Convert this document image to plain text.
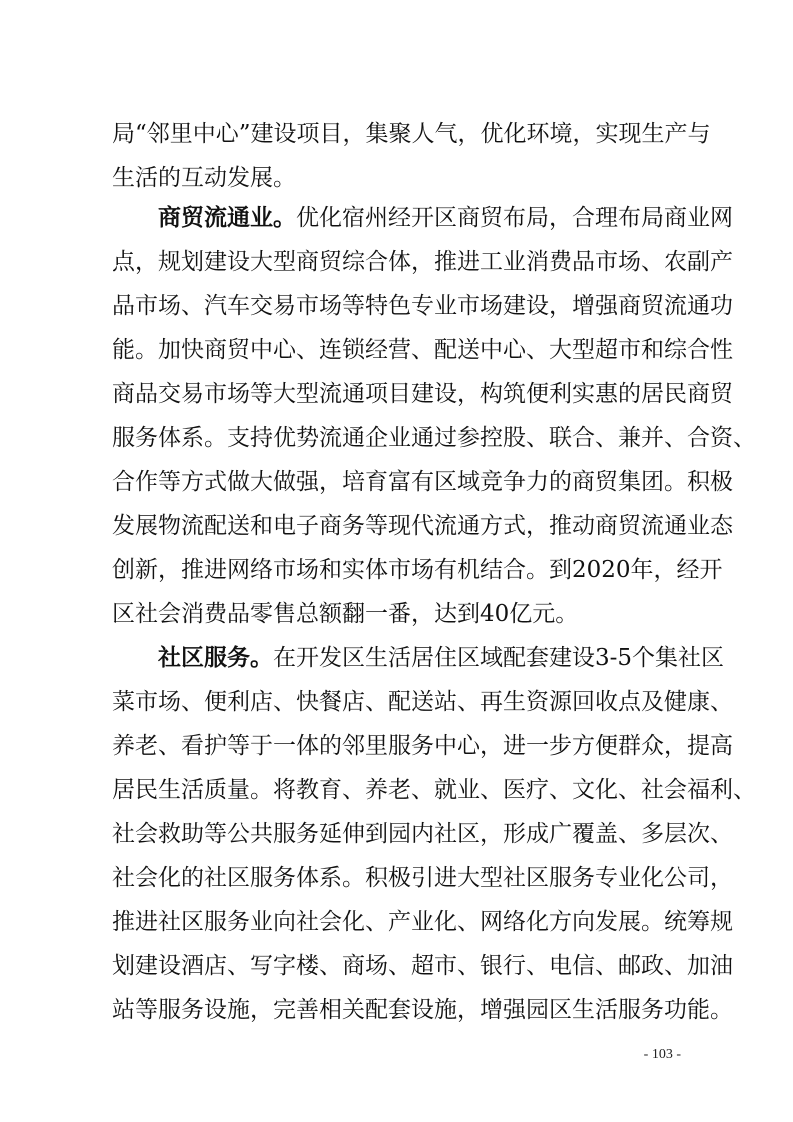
局“邻里中心”建设项目，集聚人气，优化环境，实现生产与
生活的互动发展。
商贸流通业。优化宿州经开区商贸布局，合理布局商业网
点，规划建设大型商贸综合体，推进工业消费品市场、农副产
品市场、汽车交易市场等特色专业市场建设，增强商贸流通功
能。加快商贸中心、连锁经营、配送中心、大型超市和综合性
商品交易市场等大型流通项目建设，构筑便利实惠的居民商贸
服务体系。支持优势流通企业通过参控股、联合、兼并、合资、
合作等方式做大做强，培育富有区域竞争力的商贸集团。积极
发展物流配送和电子商务等现代流通方式，推动商贸流通业态
创新，推进网络市场和实体市场有机结合。到2020年，经开
区社会消费品零售总额翻一番，达到40亿元。
社区服务。在开发区生活居住区域配套建设3-5个集社区
菜市场、便利店、快餐店、配送站、再生资源回收点及健康、
养老、看护等于一体的邻里服务中心，进一步方便群众，提高
居民生活质量。将教育、养老、就业、医疗、文化、社会福利、
社会救助等公共服务延伸到园内社区，形成广覆盖、多层次、
社会化的社区服务体系。积极引进大型社区服务专业化公司，
推进社区服务业向社会化、产业化、网络化方向发展。统筹规
划建设酒店、写字楼、商场、超市、银行、电信、邮政、加油
站等服务设施，完善相关配套设施，增强园区生活服务功能。
- 103 -
